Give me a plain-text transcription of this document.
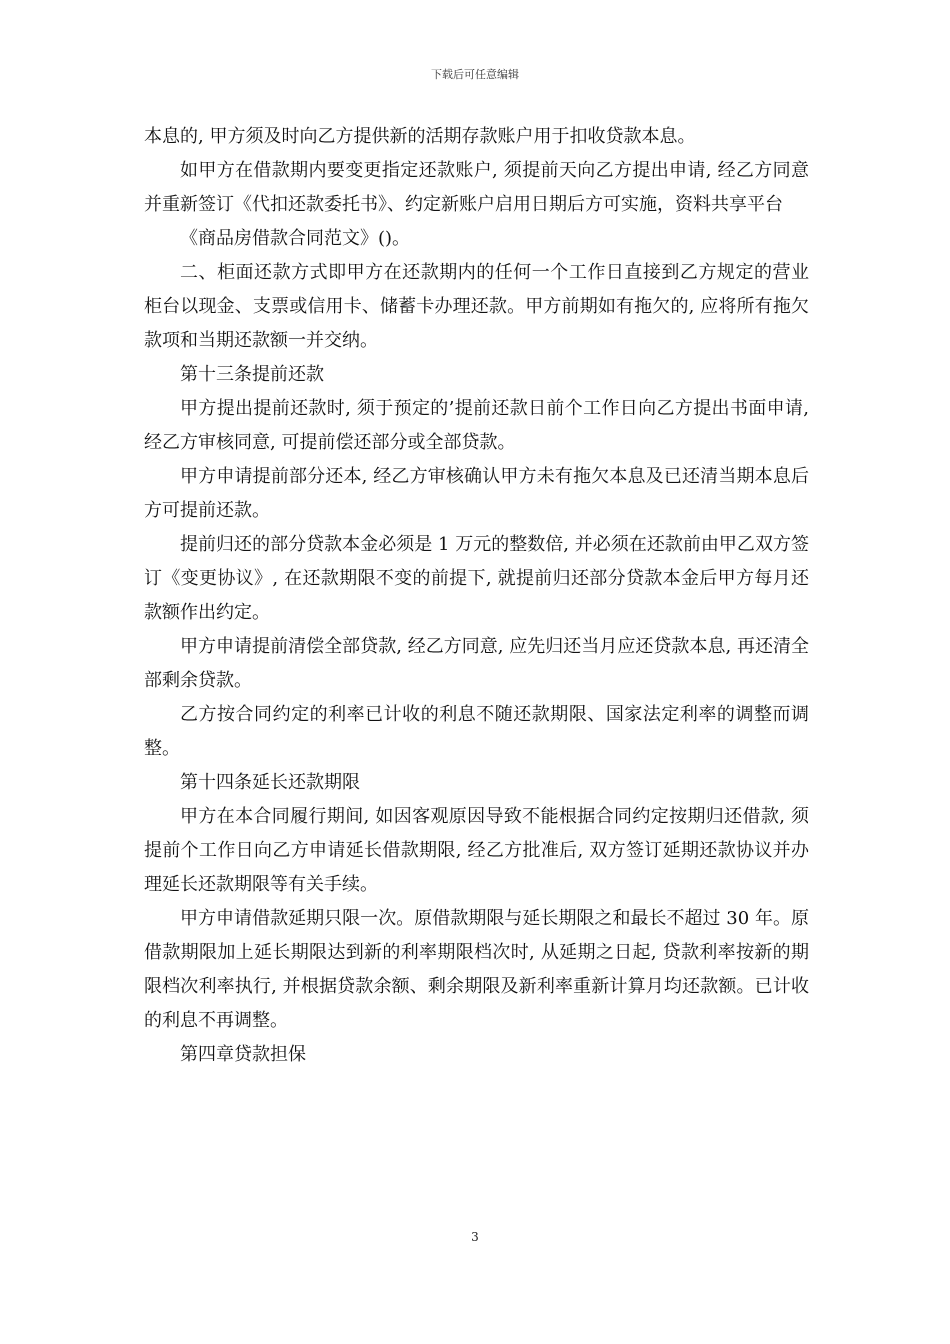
下载后可任意编辑

本息的, 甲方须及时向乙方提供新的活期存款账户用于扣收贷款本息。

如甲方在借款期内要变更指定还款账户, 须提前天向乙方提出申请, 经乙方同意并重新签订《代扣还款委托书》、约定新账户启用日期后方可实施，资料共享平台

《商品房借款合同范文》()。

二、柜面还款方式即甲方在还款期内的任何一个工作日直接到乙方规定的营业柜台以现金、支票或信用卡、储蓄卡办理还款。甲方前期如有拖欠的, 应将所有拖欠款项和当期还款额一并交纳。

第十三条提前还款

甲方提出提前还款时, 须于预定的’提前还款日前个工作日向乙方提出书面申请, 经乙方审核同意, 可提前偿还部分或全部贷款。

甲方申请提前部分还本, 经乙方审核确认甲方未有拖欠本息及已还清当期本息后方可提前还款。

提前归还的部分贷款本金必须是 1 万元的整数倍, 并必须在还款前由甲乙双方签订《变更协议》, 在还款期限不变的前提下, 就提前归还部分贷款本金后甲方每月还款额作出约定。

甲方申请提前清偿全部贷款, 经乙方同意, 应先归还当月应还贷款本息, 再还清全部剩余贷款。

乙方按合同约定的利率已计收的利息不随还款期限、国家法定利率的调整而调整。

第十四条延长还款期限

甲方在本合同履行期间, 如因客观原因导致不能根据合同约定按期归还借款, 须提前个工作日向乙方申请延长借款期限, 经乙方批准后, 双方签订延期还款协议并办理延长还款期限等有关手续。

甲方申请借款延期只限一次。原借款期限与延长期限之和最长不超过 30 年。原借款期限加上延长期限达到新的利率期限档次时, 从延期之日起, 贷款利率按新的期限档次利率执行, 并根据贷款余额、剩余期限及新利率重新计算月均还款额。已计收的利息不再调整。

第四章贷款担保

3
